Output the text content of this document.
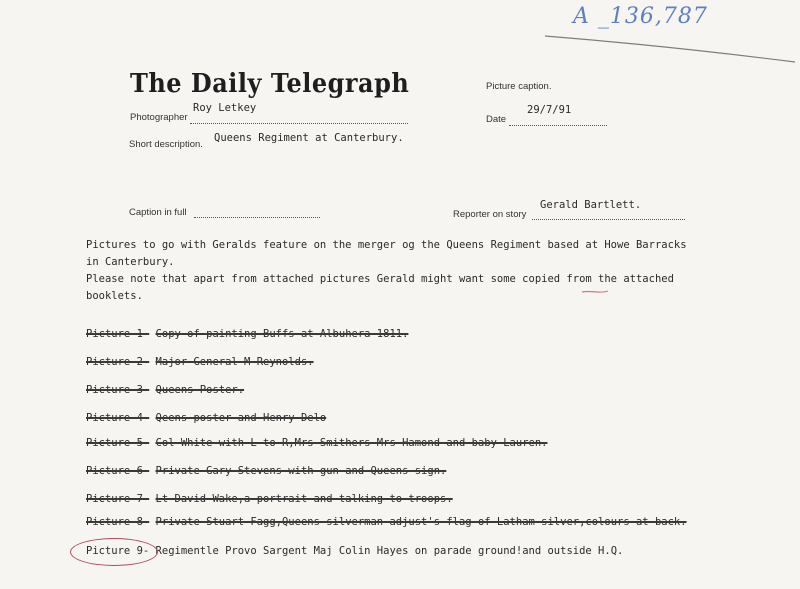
A _136,787
The Daily Telegraph	Picture caption.
Roy Letkey
Photographer
29/7/91
Date
Short description.
Queens Regiment at Canterbury.
Caption in full
Gerald Bartlett.
Reporter on story
Pictures to go with Geralds feature on the merger og the Queens Regiment based at Howe Barracks
in Canterbury.
Please note that apart from attached pictures Gerald might want some copied from the attached
booklets.
Picture 1- Copy of painting-Buffs at Albuhera 1811.
Picture 2- Major General M Reynolds.
Picture 3- Queens Poster.
Picture 4- Qeens poster and Henry Delo
Picture 5- Col White with L to R,Mrs Smithers Mrs Hamond and baby Lauren.
Picture 6- Private Gary Stevens with gun and Queens sign.
Picture 7- Lt David Wake,a portrait and talking to troops.
Picture 8- Private Stuart Fagg,Queens silverman adjust's flag of Latham silver,colours at back.
Picture 9- Regimentle Provo Sargent Maj Colin Hayes on parade ground!and outside H.Q.
